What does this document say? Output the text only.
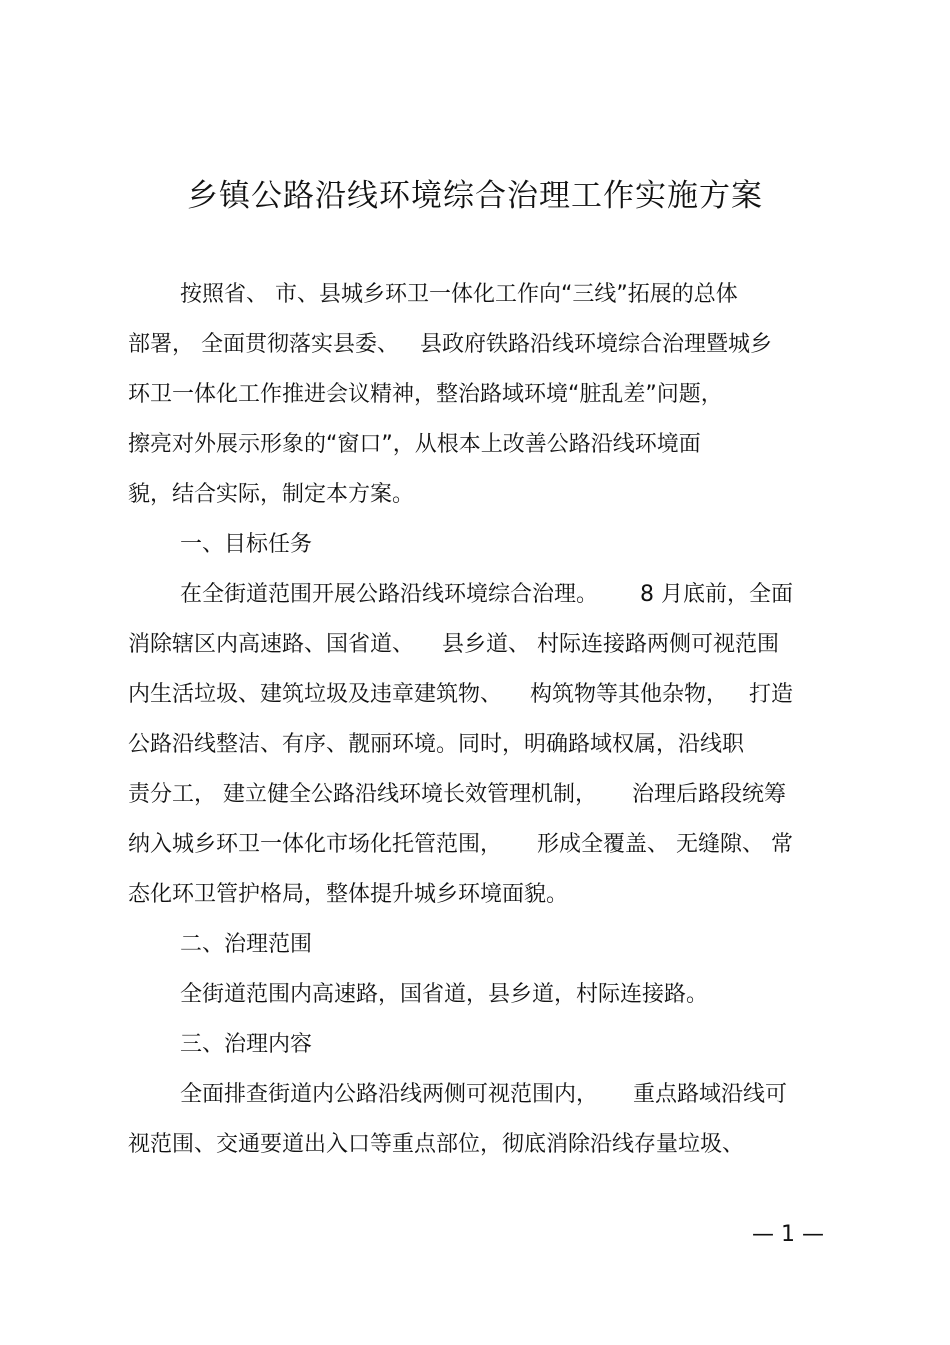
乡镇公路沿线环境综合治理工作实施方案
按照省、 市、县城乡环卫一体化工作向“三线”拓展的总体
部署， 全面贯彻落实县委、   县政府铁路沿线环境综合治理暨城乡
环卫一体化工作推进会议精神，整治路域环境“脏乱差”问题，
擦亮对外展示形象的“窗口”，从根本上改善公路沿线环境面
貌，结合实际，制定本方案。
一、目标任务
在全街道范围开展公路沿线环境综合治理。      8 月底前，全面
消除辖区内高速路、国省道、    县乡道、 村际连接路两侧可视范围
内生活垃圾、建筑垃圾及违章建筑物、    构筑物等其他杂物，   打造
公路沿线整洁、有序、靓丽环境。同时，明确路域权属，沿线职
责分工， 建立健全公路沿线环境长效管理机制，     治理后路段统筹
纳入城乡环卫一体化市场化托管范围，     形成全覆盖、 无缝隙、 常
态化环卫管护格局，整体提升城乡环境面貌。
二、治理范围
全街道范围内高速路，国省道，县乡道，村际连接路。
三、治理内容
全面排查街道内公路沿线两侧可视范围内，     重点路域沿线可
视范围、交通要道出入口等重点部位，彻底消除沿线存量垃圾、
— 1 —
